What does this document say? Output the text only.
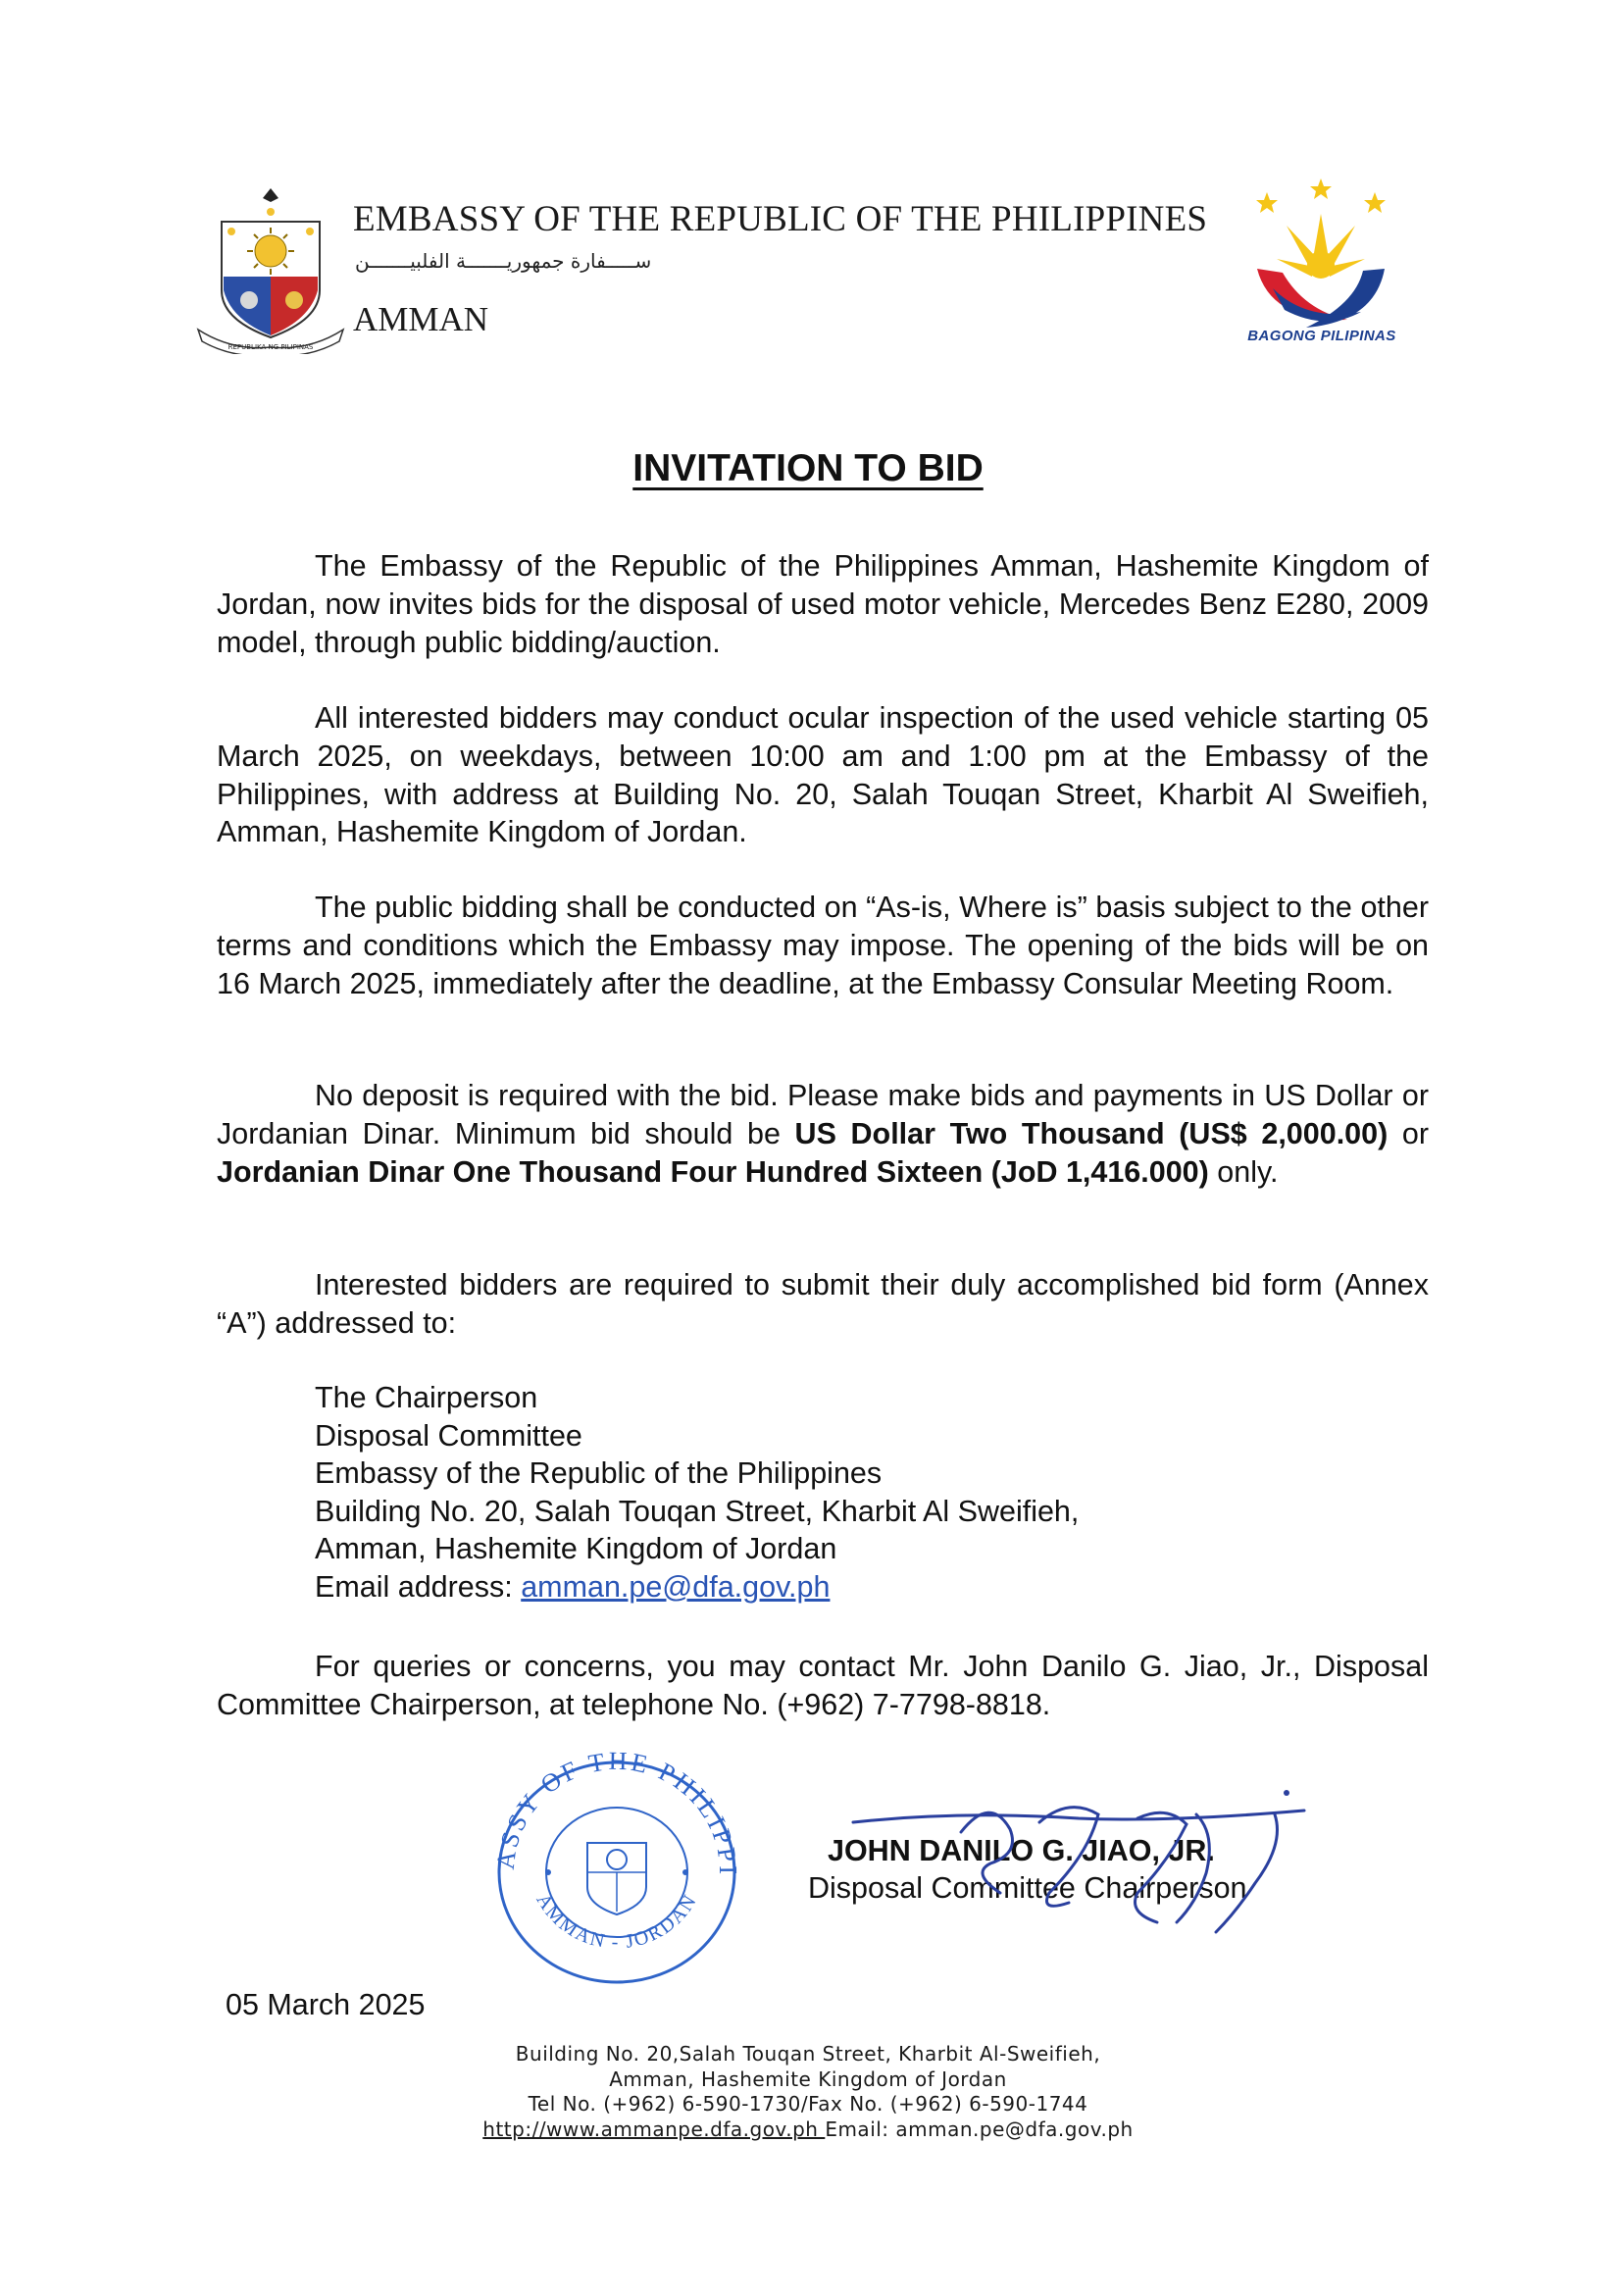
REPUBLIKA NG PILIPINAS
EMBASSY OF THE REPUBLIC OF THE PHILIPPINES
ســـــفارة جمهوريـــــــة الفلبيـــــــن
AMMAN	BAGONG PILIPINAS
INVITATION TO BID

The Embassy of the Republic of the Philippines Amman, Hashemite Kingdom of Jordan, now invites bids for the disposal of used motor vehicle, Mercedes Benz E280, 2009 model, through public bidding/auction.

All interested bidders may conduct ocular inspection of the used vehicle starting 05 March 2025, on weekdays, between 10:00 am and 1:00 pm at the Embassy of the Philippines, with address at Building No. 20, Salah Touqan Street, Kharbit Al Sweifieh, Amman, Hashemite Kingdom of Jordan.

The public bidding shall be conducted on “As-is, Where is” basis subject to the other terms and conditions which the Embassy may impose. The opening of the bids will be on 16 March 2025, immediately after the deadline, at the Embassy Consular Meeting Room.

No deposit is required with the bid. Please make bids and payments in US Dollar or Jordanian Dinar. Minimum bid should be US Dollar Two Thousand (US$ 2,000.00) or Jordanian Dinar One Thousand Four Hundred Sixteen (JoD 1,416.000) only.

Interested bidders are required to submit their duly accomplished bid form (Annex “A”) addressed to:

The Chairperson
Disposal Committee
Embassy of the Republic of the Philippines
Building No. 20, Salah Touqan Street, Kharbit Al Sweifieh,
Amman, Hashemite Kingdom of Jordan
Email address: amman.pe@dfa.gov.ph

For queries or concerns, you may contact Mr. John Danilo G. Jiao, Jr., Disposal Committee Chairperson, at telephone No. (+962) 7-7798-8818.

ASSY OF THE PHILIPPI
AMMAN - JORDAN
JOHN DANILO G. JIAO, JR.
Disposal Committee Chairperson
05 March 2025
Building No. 20,Salah Touqan Street, Kharbit Al-Sweifieh,
Amman, Hashemite Kingdom of Jordan
Tel No. (+962) 6-590-1730/Fax No. (+962) 6-590-1744
http://www.ammanpe.dfa.gov.ph Email: amman.pe@dfa.gov.ph
